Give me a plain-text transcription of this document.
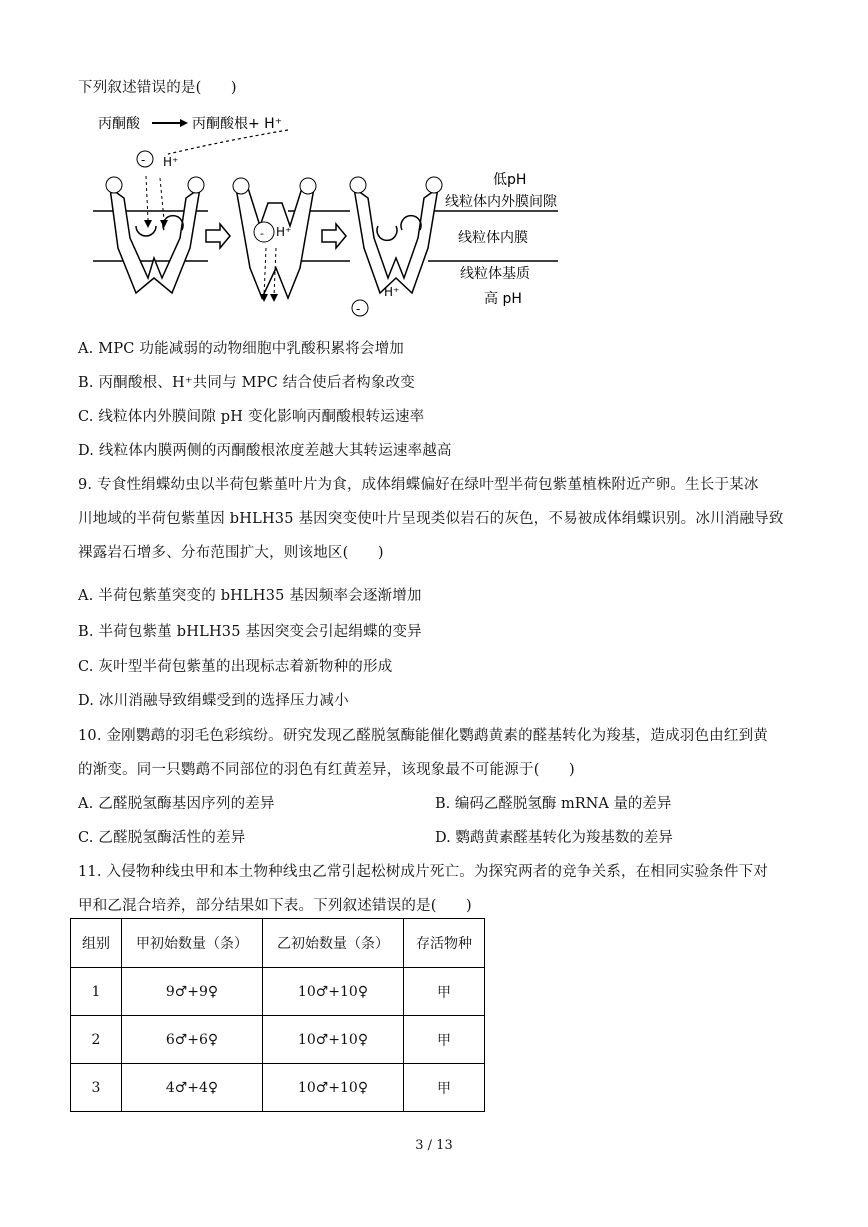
下列叙述错误的是(　　)
丙酮酸	丙酮酸根+ H⁺
- H⁺
- H⁺
H⁺
-
低pH
线粒体内外膜间隙
线粒体内膜
线粒体基质
高 pH
A. MPC 功能减弱的动物细胞中乳酸积累将会增加
B. 丙酮酸根、H⁺共同与 MPC 结合使后者构象改变
C. 线粒体内外膜间隙 pH 变化影响丙酮酸根转运速率
D. 线粒体内膜两侧的丙酮酸根浓度差越大其转运速率越高
9. 专食性绢蝶幼虫以半荷包紫堇叶片为食，成体绢蝶偏好在绿叶型半荷包紫堇植株附近产卵。生长于某冰
川地域的半荷包紫堇因 bHLH35 基因突变使叶片呈现类似岩石的灰色，不易被成体绢蝶识别。冰川消融导致
裸露岩石增多、分布范围扩大，则该地区(　　)
A. 半荷包紫堇突变的 bHLH35 基因频率会逐渐增加
B. 半荷包紫堇 bHLH35 基因突变会引起绢蝶的变异
C. 灰叶型半荷包紫堇的出现标志着新物种的形成
D. 冰川消融导致绢蝶受到的选择压力减小
10. 金刚鹦鹉的羽毛色彩缤纷。研究发现乙醛脱氢酶能催化鹦鹉黄素的醛基转化为羧基，造成羽色由红到黄
的渐变。同一只鹦鹉不同部位的羽色有红黄差异，该现象最不可能源于(　　)
A. 乙醛脱氢酶基因序列的差异	B. 编码乙醛脱氢酶 mRNA 量的差异
C. 乙醛脱氢酶活性的差异	D. 鹦鹉黄素醛基转化为羧基数的差异
11. 入侵物种线虫甲和本土物种线虫乙常引起松树成片死亡。为探究两者的竞争关系，在相同实验条件下对
甲和乙混合培养，部分结果如下表。下列叙述错误的是(　　)
组别	甲初始数量（条）	乙初始数量（条）	存活物种
1	9♂+9♀	10♂+10♀	甲
2	6♂+6♀	10♂+10♀	甲
3	4♂+4♀	10♂+10♀	甲
3 / 13
